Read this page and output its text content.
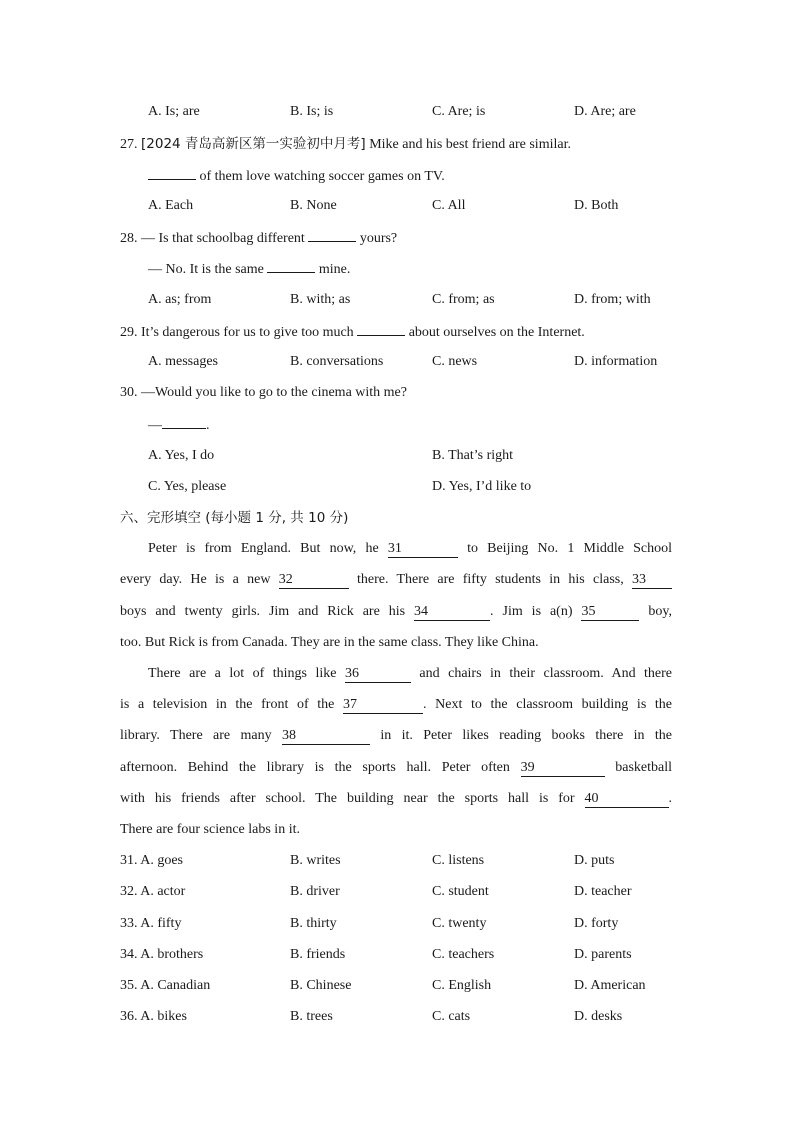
A. Is; are	B. Is; is	C. Are; is	D. Are; are
27. [2024 青岛高新区第一实验初中月考] Mike and his best friend are similar.
of them love watching soccer games on TV.
A. Each	B. None	C. All	D. Both
28. — Is that schoolbag different	yours?
— No. It is the same	mine.
A. as; from	B. with; as	C. from; as	D. from; with
29. It’s dangerous for us to give too much	about ourselves on the Internet.
A. messages	B. conversations	C. news	D. information
30. —Would you like to go to the cinema with me?
—	.
A. Yes, I do	B. That’s right
C. Yes, please	D. Yes, I’d like to
六、完形填空 (每小题 1 分, 共 10 分)
Peter is from England. But now, he 31	to Beijing No. 1 Middle School
every day. He is a new 32	there. There are fifty students in his class, 33
boys and twenty girls. Jim and Rick are his 34	. Jim is a(n) 35	boy,
too. But Rick is from Canada. They are in the same class. They like China.
There are a lot of things like 36	and chairs in their classroom. And there
is a television in the front of the 37	. Next to the classroom building is the
library. There are many 38	in it. Peter likes reading books there in the
afternoon. Behind the library is the sports hall. Peter often 39	basketball
with his friends after school. The building near the sports hall is for 40	.
There are four science labs in it.
31. A. goes	B. writes	C. listens	D. puts
32. A. actor	B. driver	C. student	D. teacher
33. A. fifty	B. thirty	C. twenty	D. forty
34. A. brothers	B. friends	C. teachers	D. parents
35. A. Canadian	B. Chinese	C. English	D. American
36. A. bikes	B. trees	C. cats	D. desks
